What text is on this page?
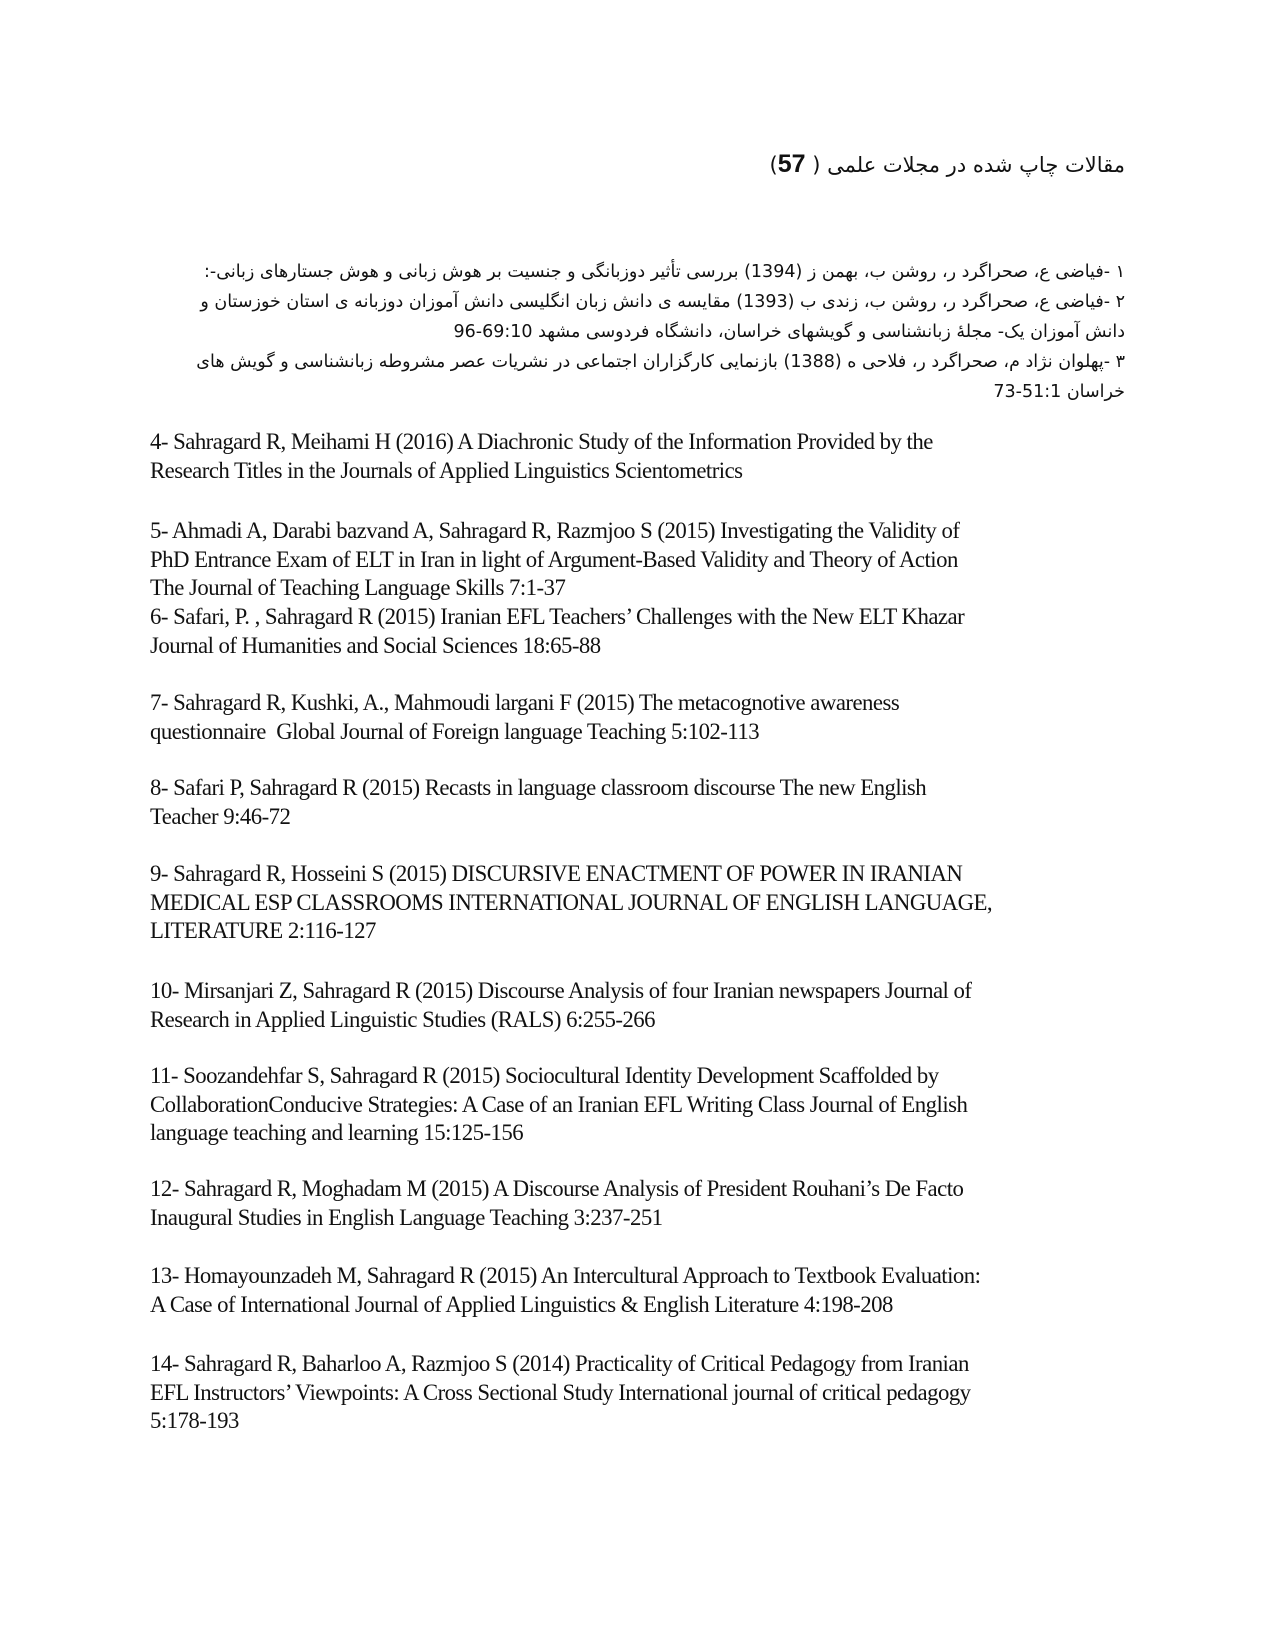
مقالات چاپ شده در مجلات علمی ( 57)
۱ -فیاضی ع، صحراگرد ر، روشن ب، بهمن ز (1394) بررسی تأثیر دوزبانگی و جنسیت بر هوش زبانی و هوش جستارهای زبانی-:
۲ -فیاضی ع، صحراگرد ر، روشن ب، زندی ب (1393) مقایسه ی دانش زبان انگلیسی دانش آموزان دوزبانه ی استان خوزستان و
دانش آموزان یک- مجلۀ زبانشناسی و گویشهای خراسان، دانشگاه فردوسی مشهد 69:10-96
۳ -پهلوان نژاد م، صحراگرد ر، فلاحی ه (1388) بازنمایی کارگزاران اجتماعی در نشریات عصر مشروطه زبانشناسی و گویش های
خراسان 51:1-73
4- Sahragard R, Meihami H (2016) A Diachronic Study of the Information Provided by the
Research Titles in the Journals of Applied Linguistics Scientometrics
5- Ahmadi A, Darabi bazvand A, Sahragard R, Razmjoo S (2015) Investigating the Validity of
PhD Entrance Exam of ELT in Iran in light of Argument-Based Validity and Theory of Action
The Journal of Teaching Language Skills 7:1-37
6- Safari, P. , Sahragard R (2015) Iranian EFL Teachers’ Challenges with the New ELT Khazar
Journal of Humanities and Social Sciences 18:65-88
7- Sahragard R, Kushki, A., Mahmoudi largani F (2015) The metacognotive awareness
questionnaire  Global Journal of Foreign language Teaching 5:102-113
8- Safari P, Sahragard R (2015) Recasts in language classroom discourse The new English
Teacher 9:46-72
9- Sahragard R, Hosseini S (2015) DISCURSIVE ENACTMENT OF POWER IN IRANIAN
MEDICAL ESP CLASSROOMS INTERNATIONAL JOURNAL OF ENGLISH LANGUAGE,
LITERATURE 2:116-127
10- Mirsanjari Z, Sahragard R (2015) Discourse Analysis of four Iranian newspapers Journal of
Research in Applied Linguistic Studies (RALS) 6:255-266
11- Soozandehfar S, Sahragard R (2015) Sociocultural Identity Development Scaffolded by
CollaborationConducive Strategies: A Case of an Iranian EFL Writing Class Journal of English
language teaching and learning 15:125-156
12- Sahragard R, Moghadam M (2015) A Discourse Analysis of President Rouhani’s De Facto
Inaugural Studies in English Language Teaching 3:237-251
13- Homayounzadeh M, Sahragard R (2015) An Intercultural Approach to Textbook Evaluation:
A Case of International Journal of Applied Linguistics & English Literature 4:198-208
14- Sahragard R, Baharloo A, Razmjoo S (2014) Practicality of Critical Pedagogy from Iranian
EFL Instructors’ Viewpoints: A Cross Sectional Study International journal of critical pedagogy
5:178-193
